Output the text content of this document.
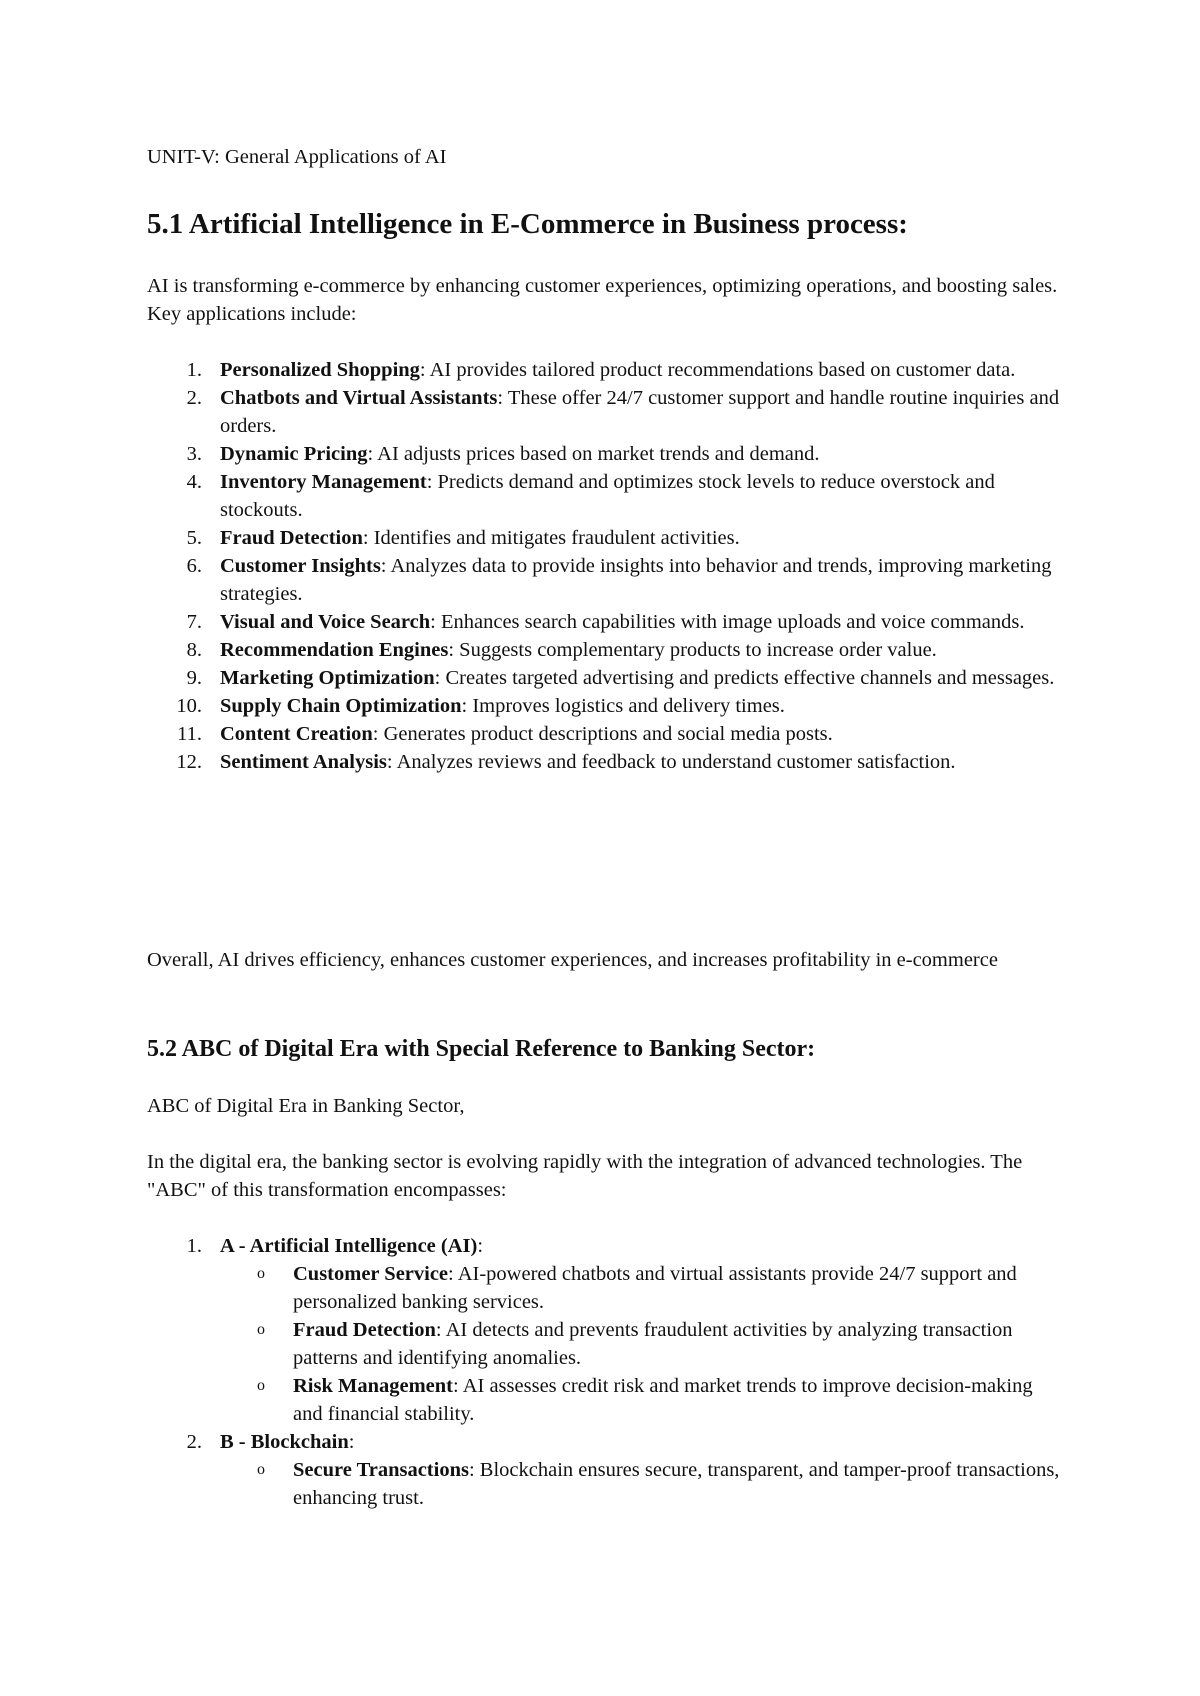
UNIT-V: General Applications of AI
5.1 Artificial Intelligence in E-Commerce in Business process:
AI is transforming e-commerce by enhancing customer experiences, optimizing operations, and boosting sales. Key applications include:
1. Personalized Shopping: AI provides tailored product recommendations based on customer data.
2. Chatbots and Virtual Assistants: These offer 24/7 customer support and handle routine inquiries and orders.
3. Dynamic Pricing: AI adjusts prices based on market trends and demand.
4. Inventory Management: Predicts demand and optimizes stock levels to reduce overstock and stockouts.
5. Fraud Detection: Identifies and mitigates fraudulent activities.
6. Customer Insights: Analyzes data to provide insights into behavior and trends, improving marketing strategies.
7. Visual and Voice Search: Enhances search capabilities with image uploads and voice commands.
8. Recommendation Engines: Suggests complementary products to increase order value.
9. Marketing Optimization: Creates targeted advertising and predicts effective channels and messages.
10. Supply Chain Optimization: Improves logistics and delivery times.
11. Content Creation: Generates product descriptions and social media posts.
12. Sentiment Analysis: Analyzes reviews and feedback to understand customer satisfaction.
Overall, AI drives efficiency, enhances customer experiences, and increases profitability in e-commerce
5.2 ABC of Digital Era with Special Reference to Banking Sector:
ABC of Digital Era in Banking Sector,
In the digital era, the banking sector is evolving rapidly with the integration of advanced technologies. The "ABC" of this transformation encompasses:
1. A - Artificial Intelligence (AI):
o Customer Service: AI-powered chatbots and virtual assistants provide 24/7 support and personalized banking services.
o Fraud Detection: AI detects and prevents fraudulent activities by analyzing transaction patterns and identifying anomalies.
o Risk Management: AI assesses credit risk and market trends to improve decision-making and financial stability.
2. B - Blockchain:
o Secure Transactions: Blockchain ensures secure, transparent, and tamper-proof transactions, enhancing trust.
